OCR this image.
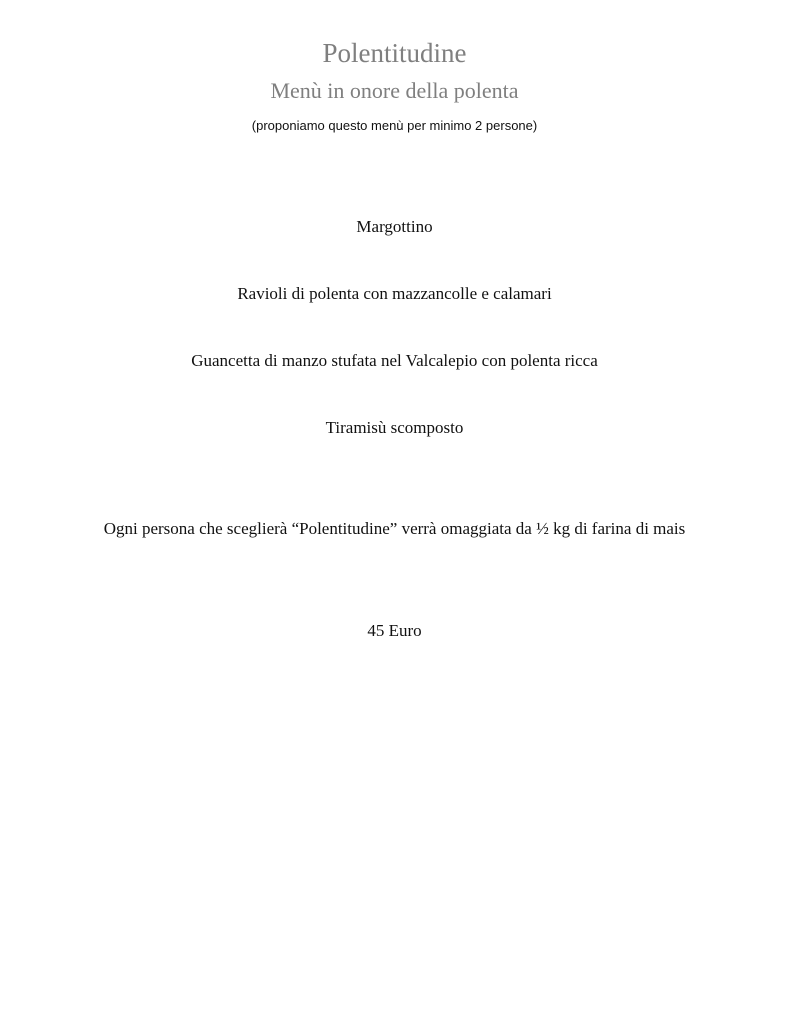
Polentitudine
Menù in onore della polenta
(proponiamo questo menù per minimo 2 persone)
Margottino
Ravioli di polenta con mazzancolle e calamari
Guancetta di manzo stufata nel Valcalepio con polenta ricca
Tiramisù scomposto
Ogni persona che sceglierà “Polentitudine” verrà omaggiata da ½ kg di farina di mais
45 Euro
